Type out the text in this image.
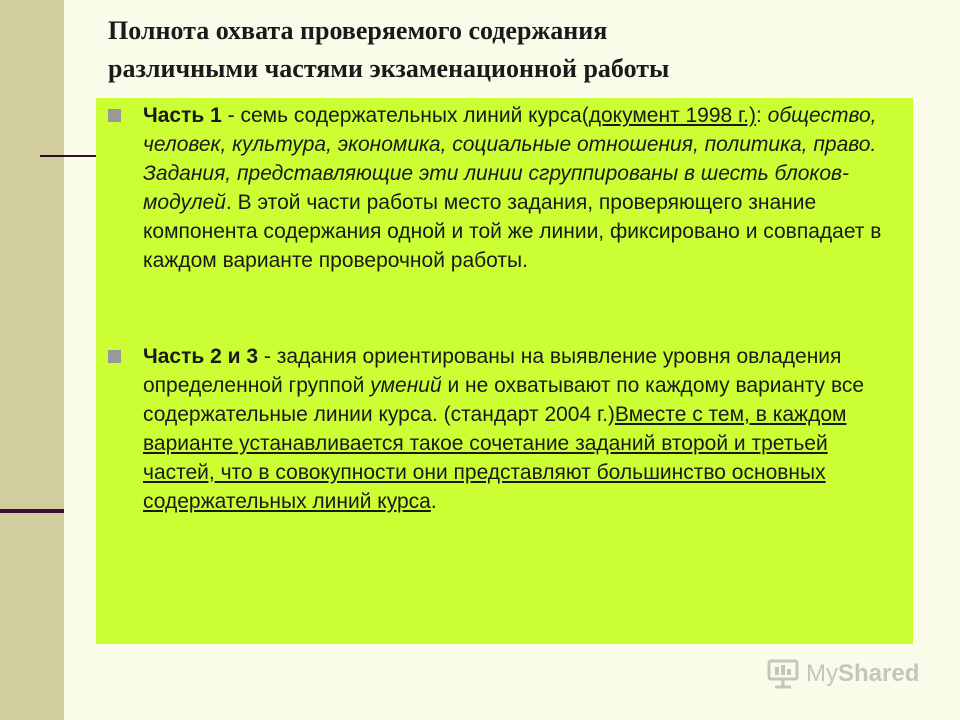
Полнота охвата проверяемого содержания
различными частями экзаменационной работы
Часть 1 - семь содержательных линий курса(документ 1998 г.): общество, человек, культура, экономика, социальные отношения, политика, право. Задания, представляющие эти линии сгруппированы в шесть блоков-модулей. В этой части работы место задания, проверяющего знание компонента содержания одной и той же линии, фиксировано и совпадает в каждом варианте проверочной работы.
Часть 2 и 3 - задания ориентированы на выявление уровня овладения определенной группой умений и не охватывают по каждому варианту все содержательные линии курса. (стандарт 2004 г.)Вместе с тем, в каждом варианте устанавливается такое сочетание заданий второй и третьей частей, что в совокупности они представляют большинство основных содержательных линий курса.
MyShared
